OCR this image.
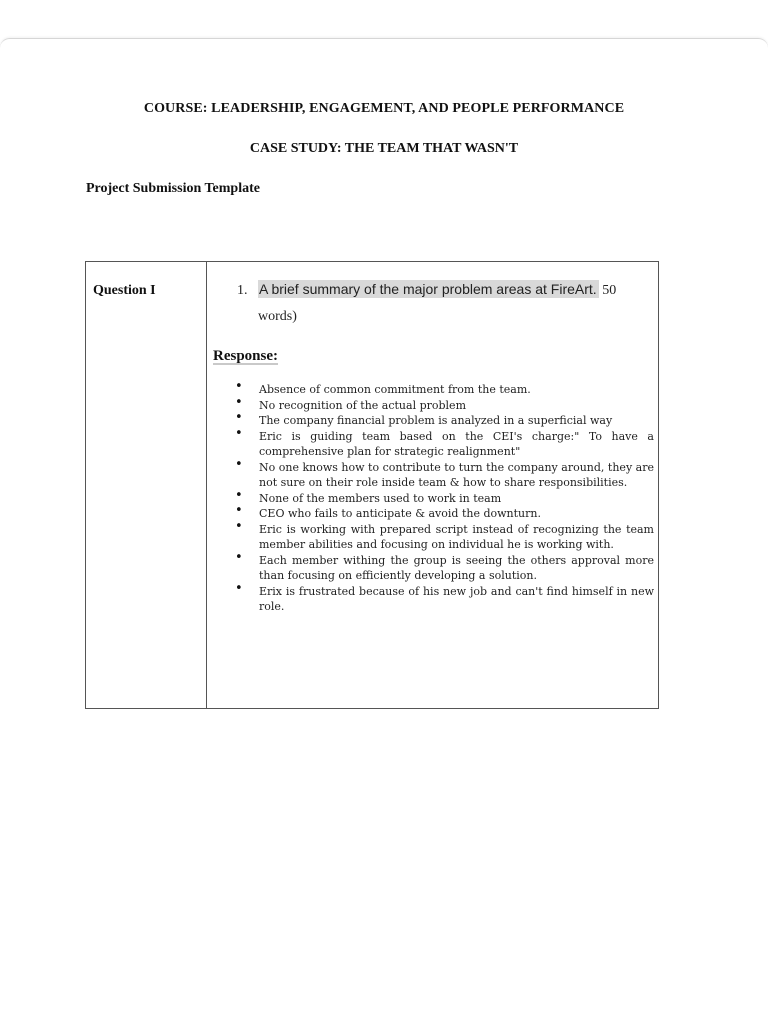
COURSE: LEADERSHIP, ENGAGEMENT, AND PEOPLE PERFORMANCE
CASE STUDY: THE TEAM THAT WASN'T
Project Submission Template
Question I	1. A brief summary of the major problem areas at FireArt. 50
words)
Response:
• Absence of common commitment from the team.
• No recognition of the actual problem
• The company financial problem is analyzed in a superficial way
• Eric is guiding team based on the CEI's charge:" To have a comprehensive plan for strategic realignment"
• No one knows how to contribute to turn the company around, they are not sure on their role inside team & how to share responsibilities.
• None of the members used to work in team
• CEO who fails to anticipate & avoid the downturn.
• Eric is working with prepared script instead of recognizing the team member abilities and focusing on individual he is working with.
• Each member withing the group is seeing the others approval more than focusing on efficiently developing a solution.
• Erix is frustrated because of his new job and can't find himself in new role.
